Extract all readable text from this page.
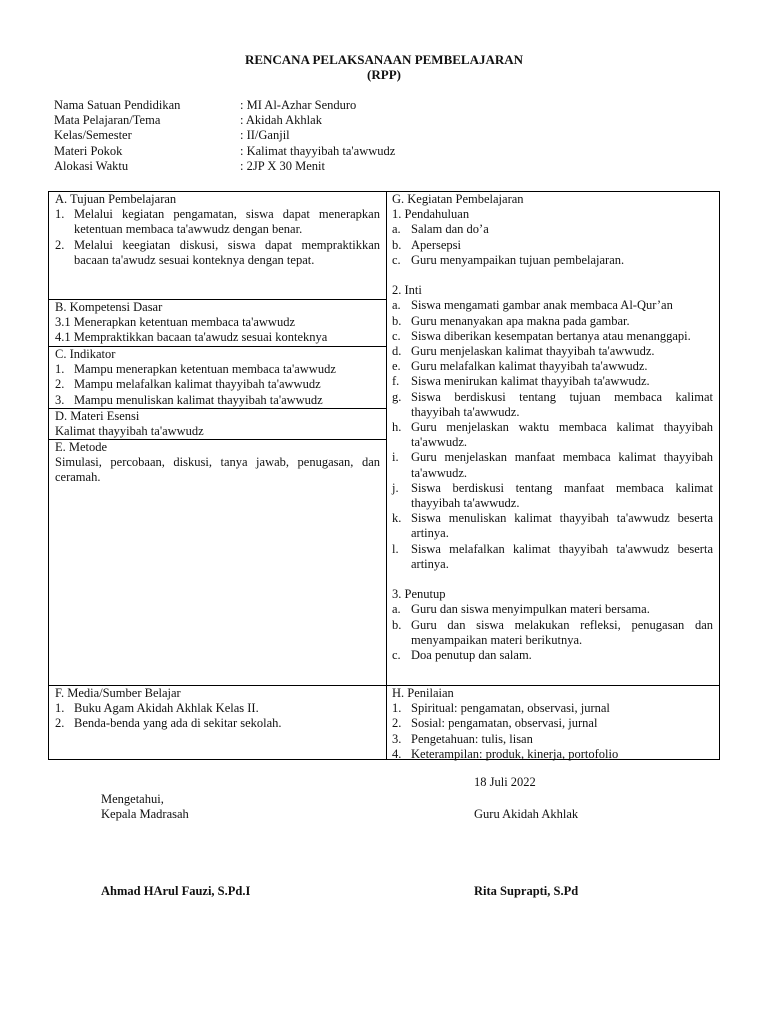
RENCANA PELAKSANAAN PEMBELAJARAN
(RPP)
Nama Satuan Pendidikan	: MI Al-Azhar Senduro
Mata Pelajaran/Tema	: Akidah Akhlak
Kelas/Semester	: II/Ganjil
Materi Pokok	: Kalimat thayyibah ta'awwudz
Alokasi Waktu	: 2JP X 30 Menit
A. Tujuan Pembelajaran
1. Melalui kegiatan pengamatan, siswa dapat menerapkan ketentuan membaca ta'awwudz dengan benar.
2. Melalui keegiatan diskusi, siswa dapat mempraktikkan bacaan ta'awudz sesuai konteknya dengan tepat.
B. Kompetensi Dasar
3.1 Menerapkan ketentuan membaca ta'awwudz
4.1 Mempraktikkan bacaan ta'awudz sesuai konteknya
C. Indikator
1. Mampu menerapkan ketentuan membaca ta'awwudz
2. Mampu melafalkan kalimat thayyibah ta'awwudz
3. Mampu menuliskan kalimat thayyibah ta'awwudz
D. Materi Esensi
Kalimat thayyibah ta'awwudz
E. Metode
Simulasi, percobaan, diskusi, tanya jawab, penugasan, dan ceramah.
F. Media/Sumber Belajar
1. Buku Agam Akidah Akhlak Kelas II.
2. Benda-benda yang ada di sekitar sekolah.
G. Kegiatan Pembelajaran
1. Pendahuluan
a. Salam dan do’a
b. Apersepsi
c. Guru menyampaikan tujuan pembelajaran.
2. Inti
a. Siswa mengamati gambar anak membaca Al-Qur’an
b. Guru menanyakan apa makna pada gambar.
c. Siswa diberikan kesempatan bertanya atau menanggapi.
d. Guru menjelaskan kalimat thayyibah ta'awwudz.
e. Guru melafalkan kalimat thayyibah ta'awwudz.
f. Siswa menirukan kalimat thayyibah ta'awwudz.
g. Siswa berdiskusi tentang tujuan membaca kalimat thayyibah ta'awwudz.
h. Guru menjelaskan waktu membaca kalimat thayyibah ta'awwudz.
i. Guru menjelaskan manfaat membaca kalimat thayyibah ta'awwudz.
j. Siswa berdiskusi tentang manfaat membaca kalimat thayyibah ta'awwudz.
k. Siswa menuliskan kalimat thayyibah ta'awwudz beserta artinya.
l. Siswa melafalkan kalimat thayyibah ta'awwudz beserta artinya.
3. Penutup
a. Guru dan siswa menyimpulkan materi bersama.
b. Guru dan siswa melakukan refleksi, penugasan dan menyampaikan materi berikutnya.
c. Doa penutup dan salam.
H. Penilaian
1. Spiritual: pengamatan, observasi, jurnal
2. Sosial: pengamatan, observasi, jurnal
3. Pengetahuan: tulis, lisan
4. Keterampilan: produk, kinerja, portofolio
18 Juli 2022
Mengetahui,
Kepala Madrasah	Guru Akidah Akhlak
Ahmad HArul Fauzi, S.Pd.I	Rita Suprapti, S.Pd
